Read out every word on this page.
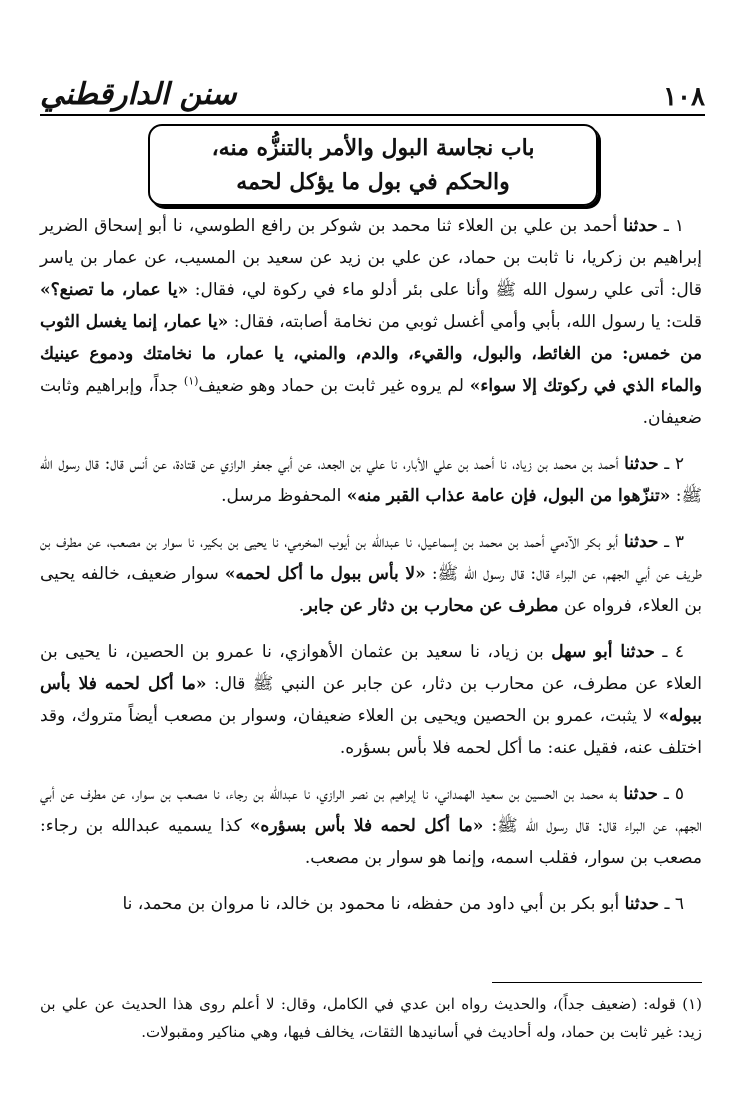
١٠٨
سنن الدارقطني
باب نجاسة البول والأمر بالتنزُّه منه،
والحكم في بول ما يؤكل لحمه

١ ـ حدثنا أحمد بن علي بن العلاء ثنا محمد بن شوكر بن رافع الطوسي، نا أبو إسحاق الضرير إبراهيم بن زكريا، نا ثابت بن حماد، عن علي بن زيد عن سعيد بن المسيب، عن عمار بن ياسر قال: أتى علي رسول الله ﷺ وأنا على بئر أدلو ماء في ركوة لي، فقال: «يا عمار، ما تصنع؟» قلت: يا رسول الله، بأبي وأمي أغسل ثوبي من نخامة أصابته، فقال: «يا عمار، إنما يغسل الثوب من خمس: من الغائط، والبول، والقيء، والدم، والمني، يا عمار، ما نخامتك ودموع عينيك والماء الذي في ركوتك إلا سواء» لم يروه غير ثابت بن حماد وهو ضعيف$^{(١)}$ جداً، وإبراهيم وثابت ضعيفان.

٢ ـ حدثنا أحمد بن محمد بن زياد، نا أحمد بن علي الأبار، نا علي بن الجعد، عن أبي جعفر الرازي عن قتادة، عن أنس قال: قال رسول الله ﷺ: «تنزّهوا من البول، فإن عامة عذاب القبر منه» المحفوظ مرسل.

٣ ـ حدثنا أبو بكر الآدمي أحمد بن محمد بن إسماعيل، نا عبدالله بن أيوب المخرمي، نا يحيى بن بكير، نا سوار بن مصعب، عن مطرف بن طريف عن أبي الجهم، عن البراء قال: قال رسول الله ﷺ: «لا بأس ببول ما أكل لحمه» سوار ضعيف، خالفه يحيى بن العلاء، فرواه عن مطرف عن محارب بن دثار عن جابر.

٤ ـ حدثنا أبو سهل بن زياد، نا سعيد بن عثمان الأهوازي، نا عمرو بن الحصين، نا يحيى بن العلاء عن مطرف، عن محارب بن دثار، عن جابر عن النبي ﷺ قال: «ما أكل لحمه فلا بأس ببوله» لا يثبت، عمرو بن الحصين ويحيى بن العلاء ضعيفان، وسوار بن مصعب أيضاً متروك، وقد اختلف عنه، فقيل عنه: ما أكل لحمه فلا بأس بسؤره.

٥ ـ حدثنا به محمد بن الحسين بن سعيد الهمداني، نا إبراهيم بن نصر الرازي، نا عبدالله بن رجاء، نا مصعب بن سوار، عن مطرف عن أبي الجهم، عن البراء قال: قال رسول الله ﷺ: «ما أكل لحمه فلا بأس بسؤره» كذا يسميه عبدالله بن رجاء: مصعب بن سوار، فقلب اسمه، وإنما هو سوار بن مصعب.

٦ ـ حدثنا أبو بكر بن أبي داود من حفظه، نا محمود بن خالد، نا مروان بن محمد، نا

(١) قوله: (ضعيف جداً)، والحديث رواه ابن عدي في الكامل، وقال: لا أعلم روى هذا الحديث عن علي بن زيد: غير ثابت بن حماد، وله أحاديث في أسانيدها الثقات، يخالف فيها، وهي مناكير ومقبولات.
